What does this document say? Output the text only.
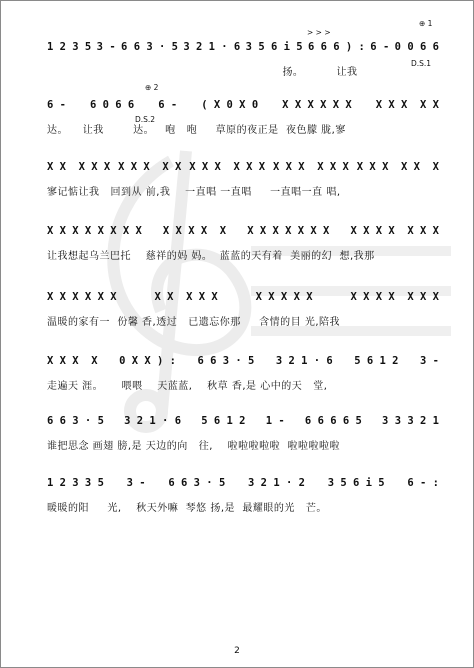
1 2 3 5 3 - 6 6 3 · 5 3 2 1 · 6 3 5 6 i 5 6 6 6 ) : 6 - 0 0 6 6
扬。         让我
> > >
⊕ 1
D.S.1
6 - 6 0 6 6 6 - ( X 0 X 0 X X X X X X X X X  X X
达。    让我        达。   咆   咆     草原的夜正是  夜色朦 胧,寥
⊕ 2
D.S.2
X X  X X X X X X  X X X X X  X X X X X X  X X X X X X  X X  X
寥记惦让我   回到从 前,我    一直唱 一直唱     一直唱一直 唱,
X X X X X X X X X X X X  X X X X X X X X X X X X  X X X
让我想起乌兰巴托    慈祥的妈 妈。  蓝蓝的天有着  美丽的幻  想,我那
X X X X X X	X X  X X X	X X X X X	X X X X  X X X
温暖的家有一  份馨 香,透过   已遗忘你那     含情的目 光,陪我
X X X  X 0 X X ) : 6 6 3 · 5 3 2 1 · 6 5 6 1 2 3 -
走遍天 涯。     喂喂    天蓝蓝,    秋草 香,是 心中的天   堂,
6 6 3 · 5 3 2 1 · 6 5 6 1 2 1 - 6 6 6 6 5 3 3 3 2 1
谁把思念 画翅 膀,是 天边的向   往,    啦啦啦啦啦  啦啦啦啦啦
1 2 3 3 5 3 - 6 6 3 · 5 3 2 1 · 2 3 5 6 i 5 6 - :
暖暖的阳     光,    秋天外嘛  琴悠 扬,是  最耀眼的光   芒。
2
